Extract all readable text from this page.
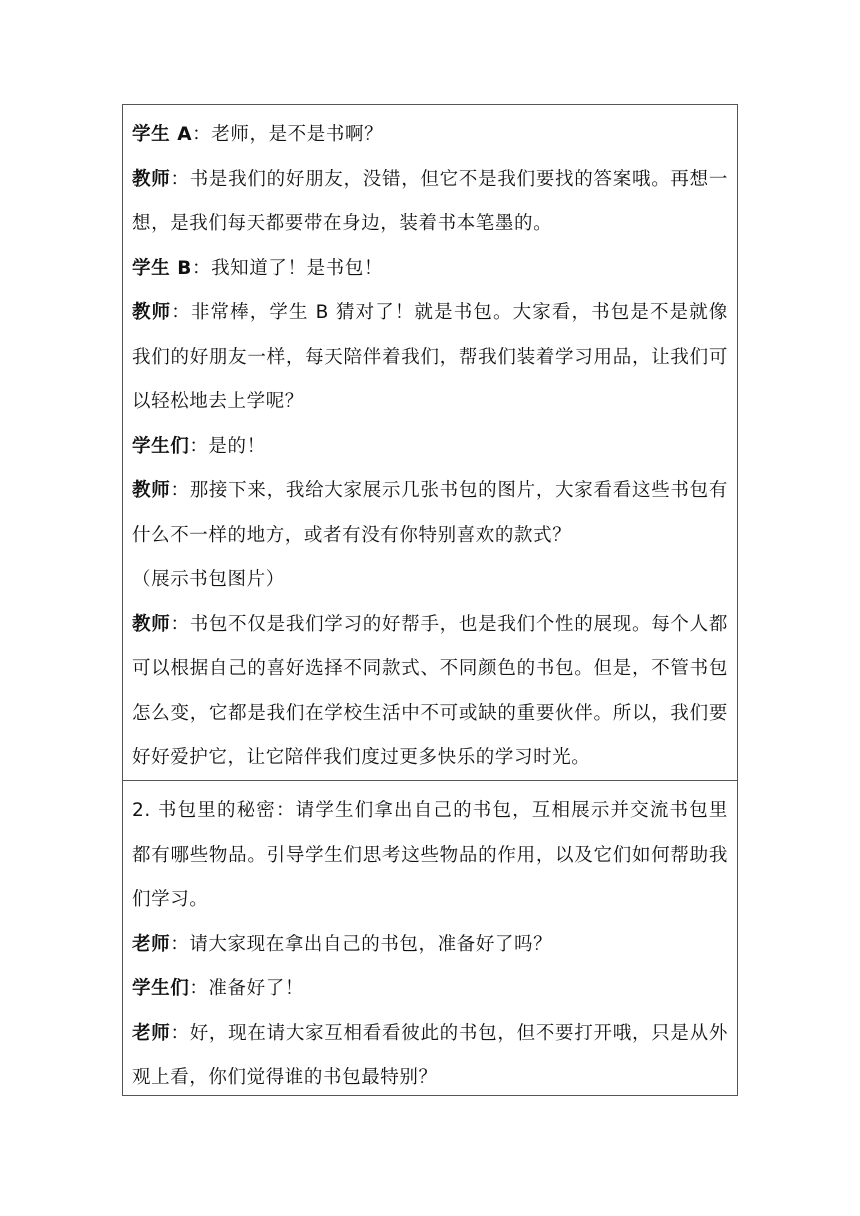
学生 A：老师，是不是书啊？

教师：书是我们的好朋友，没错，但它不是我们要找的答案哦。再想一想，是我们每天都要带在身边，装着书本笔墨的。

学生 B：我知道了！是书包！

教师：非常棒，学生 B 猜对了！就是书包。大家看，书包是不是就像我们的好朋友一样，每天陪伴着我们，帮我们装着学习用品，让我们可以轻松地去上学呢？

学生们：是的！

教师：那接下来，我给大家展示几张书包的图片，大家看看这些书包有什么不一样的地方，或者有没有你特别喜欢的款式？

（展示书包图片）

教师：书包不仅是我们学习的好帮手，也是我们个性的展现。每个人都可以根据自己的喜好选择不同款式、不同颜色的书包。但是，不管书包怎么变，它都是我们在学校生活中不可或缺的重要伙伴。所以，我们要好好爱护它，让它陪伴我们度过更多快乐的学习时光。

2. 书包里的秘密：请学生们拿出自己的书包，互相展示并交流书包里都有哪些物品。引导学生们思考这些物品的作用，以及它们如何帮助我们学习。

老师：请大家现在拿出自己的书包，准备好了吗？

学生们：准备好了！

老师：好，现在请大家互相看看彼此的书包，但不要打开哦，只是从外观上看，你们觉得谁的书包最特别？
